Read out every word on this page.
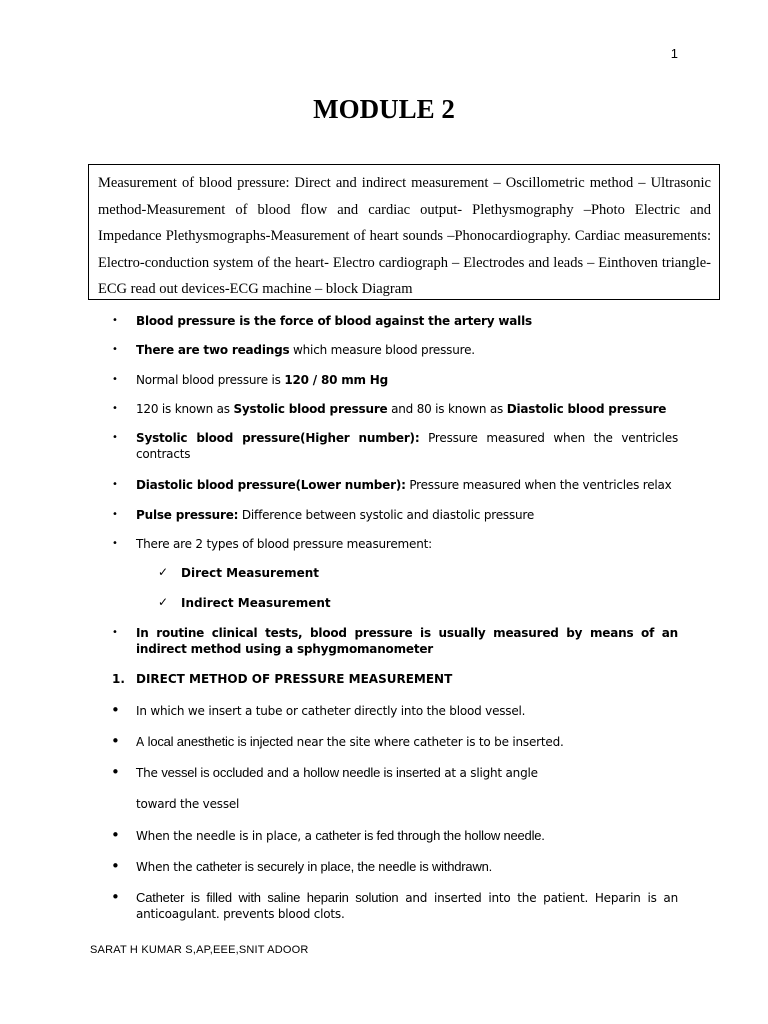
1
MODULE 2
Measurement of blood pressure: Direct and indirect measurement – Oscillometric method – Ultrasonic method-Measurement of blood flow and cardiac output- Plethysmography –Photo Electric and Impedance Plethysmographs-Measurement of heart sounds –Phonocardiography. Cardiac measurements: Electro-conduction system of the heart- Electro cardiograph – Electrodes and leads – Einthoven triangle- ECG read out devices-ECG machine – block Diagram
• Blood pressure is the force of blood against the artery walls
• There are two readings which measure blood pressure.
• Normal blood pressure is 120 / 80 mm Hg
• 120 is known as Systolic blood pressure and 80 is known as Diastolic blood pressure
• Systolic blood pressure(Higher number): Pressure measured when the ventricles contracts
• Diastolic blood pressure(Lower number): Pressure measured when the ventricles relax
• Pulse pressure: Difference between systolic and diastolic pressure
• There are 2 types of blood pressure measurement:
✓ Direct Measurement
✓ Indirect Measurement
• In routine clinical tests, blood pressure is usually measured by means of an indirect method using a sphygmomanometer
1. DIRECT METHOD OF PRESSURE MEASUREMENT
• In which we insert a tube or catheter directly into the blood vessel.
• A local anesthetic is injected near the site where catheter is to be inserted.
• The vessel is occluded and a hollow needle is inserted at a slight angle
toward the vessel
• When the needle is in place, a catheter is fed through the hollow needle.
• When the catheter is securely in place, the needle is withdrawn.
• Catheter is filled with saline heparin solution and inserted into the patient. Heparin is an anticoagulant. prevents blood clots.
SARAT H KUMAR S,AP,EEE,SNIT ADOOR
